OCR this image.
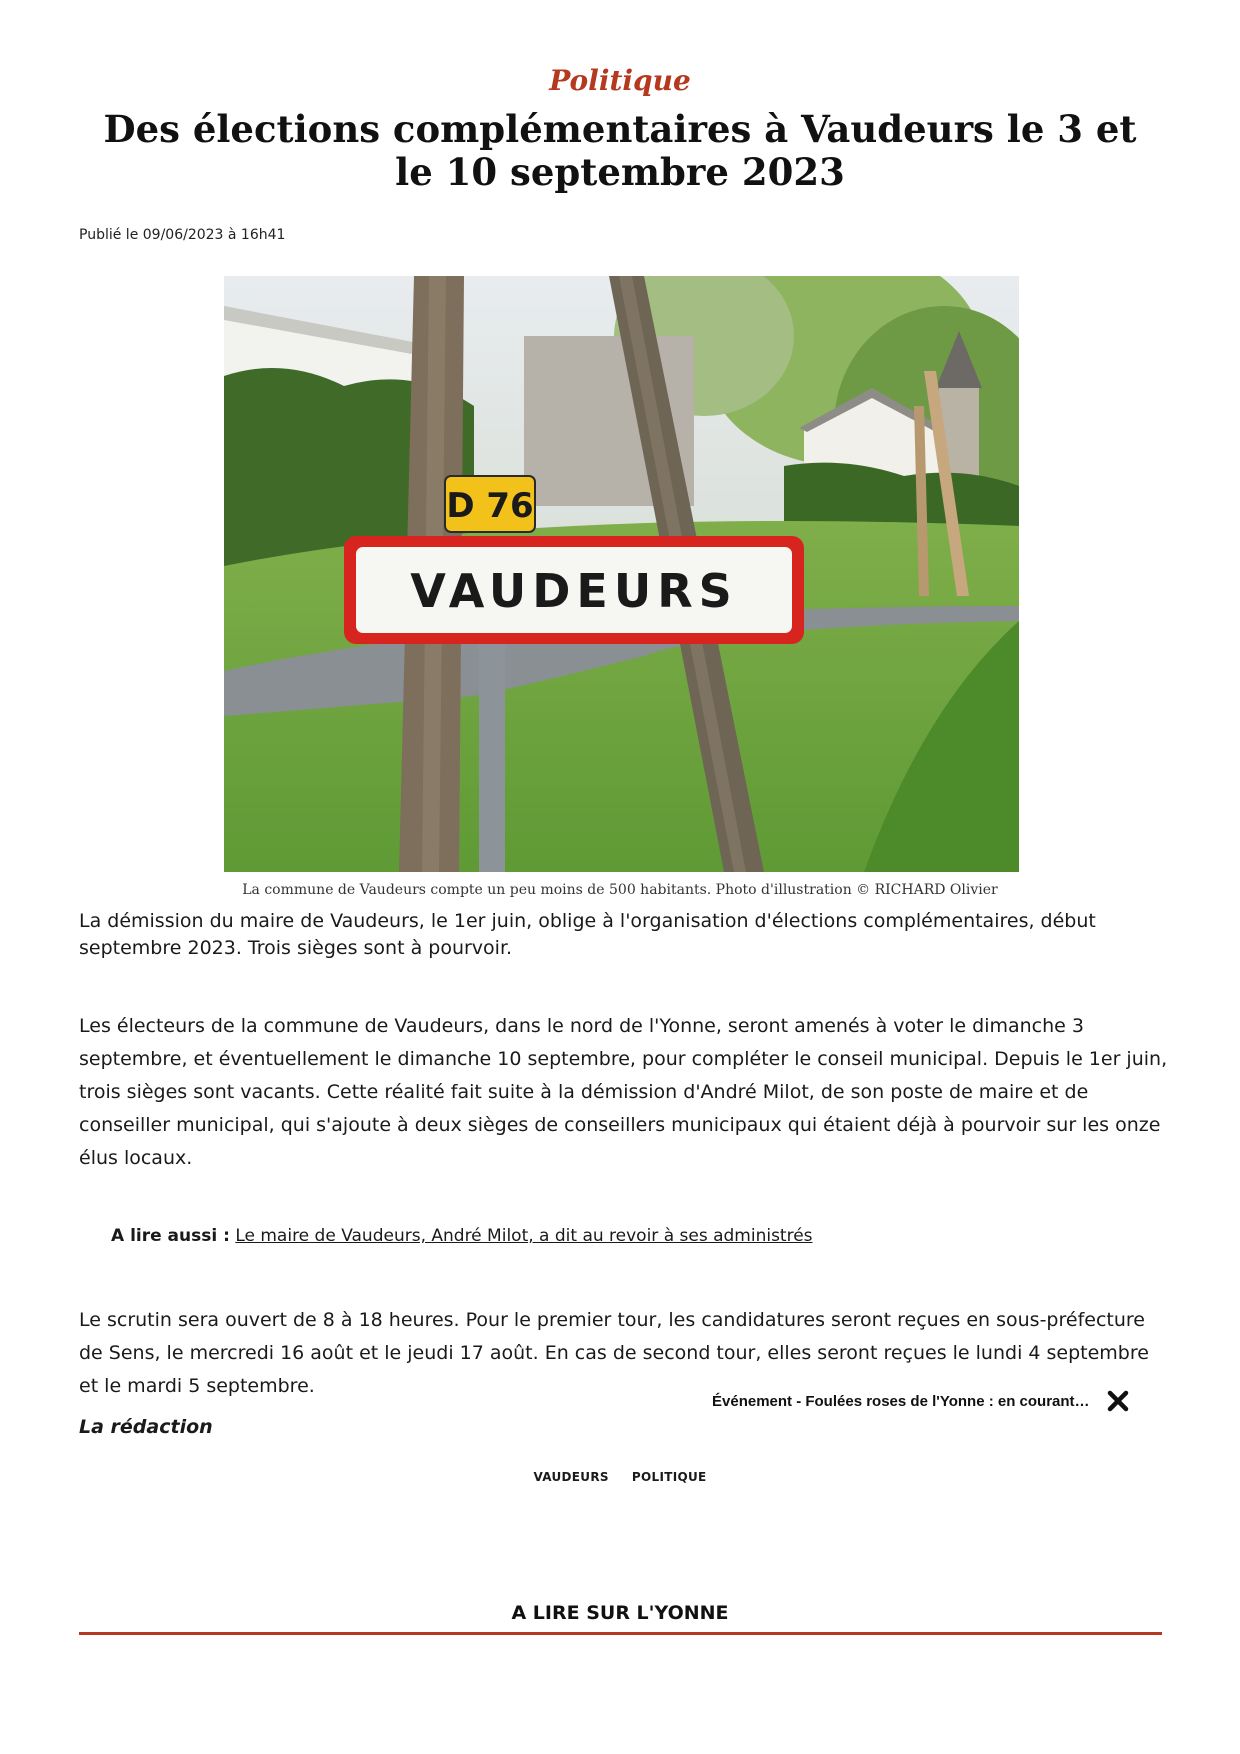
Politique
Des élections complémentaires à Vaudeurs le 3 et le 10 septembre 2023
Publié le 09/06/2023 à 16h41
D 76
VAUDEURS
La commune de Vaudeurs compte un peu moins de 500 habitants. Photo d'illustration © RICHARD Olivier

La démission du maire de Vaudeurs, le 1er juin, oblige à l'organisation d'élections complémentaires, début septembre 2023. Trois sièges sont à pourvoir.

Les électeurs de la commune de Vaudeurs, dans le nord de l'Yonne, seront amenés à voter le dimanche 3 septembre, et éventuellement le dimanche 10 septembre, pour compléter le conseil municipal. Depuis le 1er juin, trois sièges sont vacants. Cette réalité fait suite à la démission d'André Milot, de son poste de maire et de conseiller municipal, qui s'ajoute à deux sièges de conseillers municipaux qui étaient déjà à pourvoir sur les onze élus locaux.

A lire aussi : Le maire de Vaudeurs, André Milot, a dit au revoir à ses administrés

Le scrutin sera ouvert de 8 à 18 heures. Pour le premier tour, les candidatures seront reçues en sous-préfecture de Sens, le mercredi 16 août et le jeudi 17 août. En cas de second tour, elles seront reçues le lundi 4 septembre et le mardi 5 septembre.

Événement - Foulées roses de l'Yonne : en courant…
La rédaction
VAUDEURS POLITIQUE
A LIRE SUR L'YONNE
